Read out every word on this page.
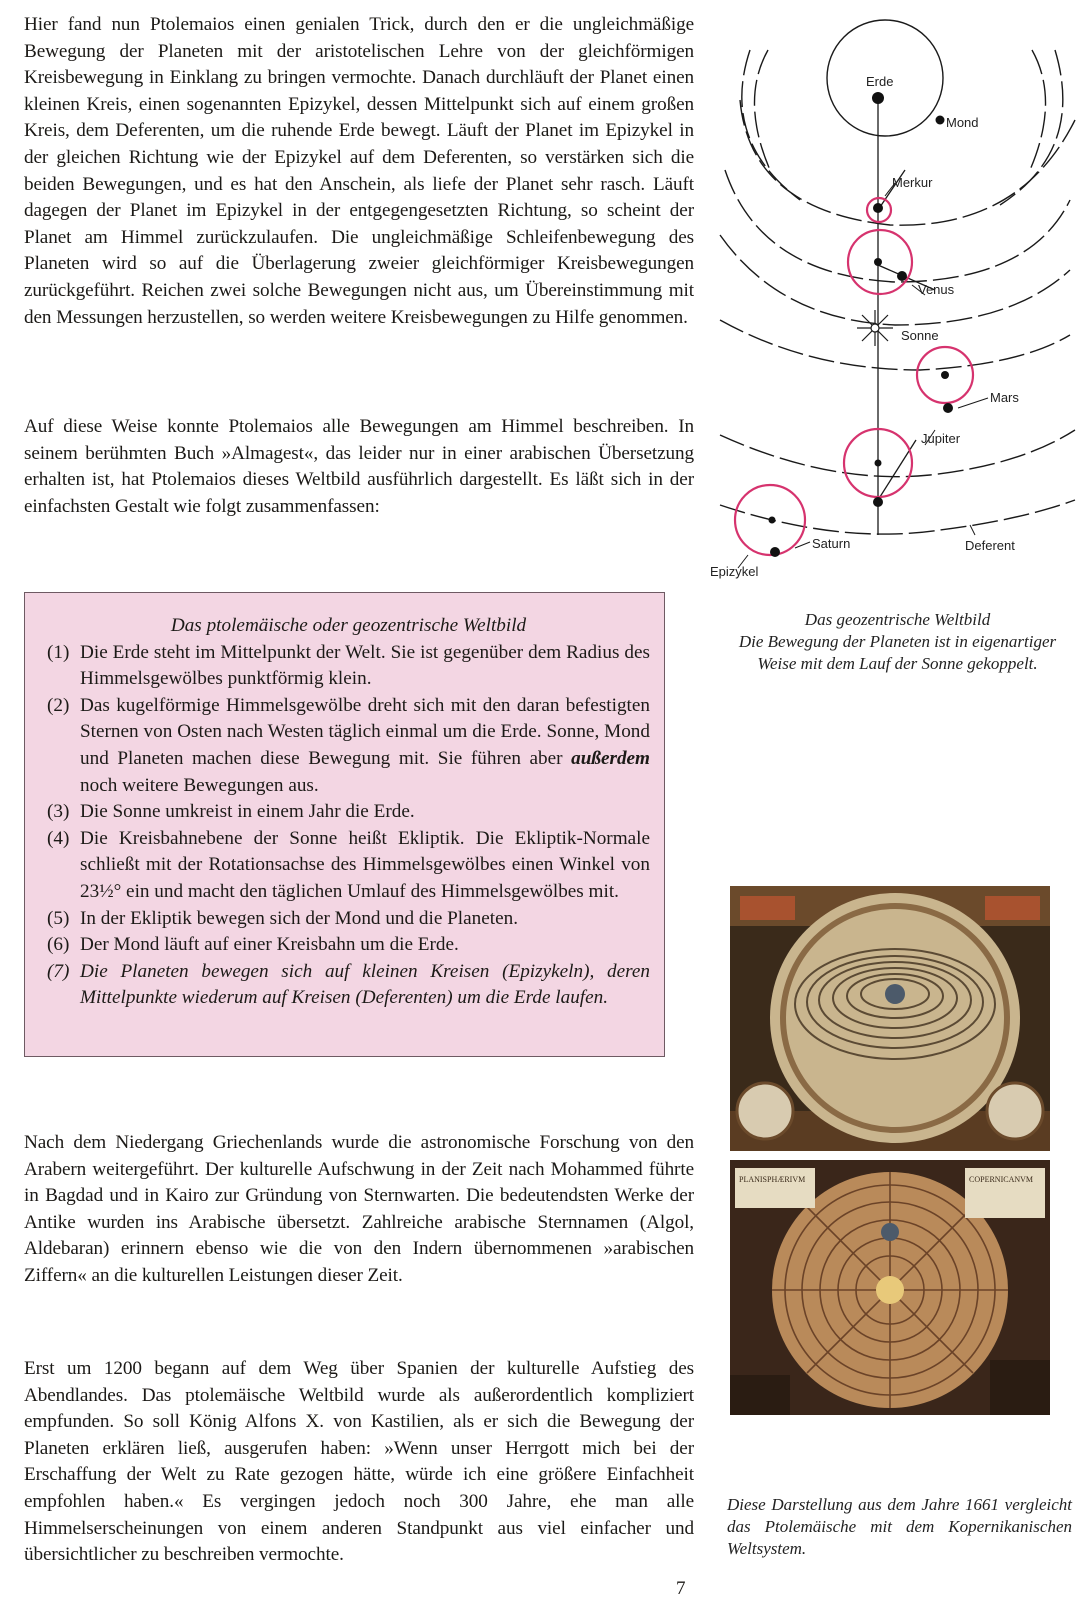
Hier fand nun Ptolemaios einen genialen Trick, durch den er die ungleichmäßige Bewegung der Planeten mit der aristotelischen Lehre von der gleichförmigen Kreisbewegung in Einklang zu bringen vermochte. Danach durchläuft der Planet einen kleinen Kreis, einen sogenannten Epizykel, dessen Mittelpunkt sich auf einem großen Kreis, dem Deferenten, um die ruhende Erde bewegt. Läuft der Planet im Epizykel in der gleichen Richtung wie der Epizykel auf dem Deferenten, so verstärken sich die beiden Bewegungen, und es hat den Anschein, als liefe der Planet sehr rasch. Läuft dagegen der Planet im Epizykel in der entgegengesetzten Richtung, so scheint der Planet am Himmel zurückzulaufen. Die ungleichmäßige Schleifenbewegung des Planeten wird so auf die Überlagerung zweier gleichförmiger Kreisbewegungen zurückgeführt. Reichen zwei solche Bewegungen nicht aus, um Übereinstimmung mit den Messungen herzustellen, so werden weitere Kreisbewegungen zu Hilfe genommen.

Auf diese Weise konnte Ptolemaios alle Bewegungen am Himmel beschreiben. In seinem berühmten Buch »Almagest«, das leider nur in einer arabischen Übersetzung erhalten ist, hat Ptolemaios dieses Weltbild ausführlich dargestellt. Es läßt sich in der einfachsten Gestalt wie folgt zusammenfassen:

Das ptolemäische oder geozentrische Weltbild

(1) Die Erde steht im Mittelpunkt der Welt. Sie ist gegenüber dem Radius des Himmelsgewölbes punktförmig klein.
(2) Das kugelförmige Himmelsgewölbe dreht sich mit den daran befestigten Sternen von Osten nach Westen täglich einmal um die Erde. Sonne, Mond und Planeten machen diese Bewegung mit. Sie führen aber außerdem noch weitere Bewegungen aus.
(3) Die Sonne umkreist in einem Jahr die Erde.
(4) Die Kreisbahnebene der Sonne heißt Ekliptik. Die Ekliptik-Normale schließt mit der Rotationsachse des Himmelsgewölbes einen Winkel von 23½° ein und macht den täglichen Umlauf des Himmelsgewölbes mit.
(5) In der Ekliptik bewegen sich der Mond und die Planeten.
(6) Der Mond läuft auf einer Kreisbahn um die Erde.
(7) Die Planeten bewegen sich auf kleinen Kreisen (Epizykeln), deren Mittelpunkte wiederum auf Kreisen (Deferenten) um die Erde laufen.

Nach dem Niedergang Griechenlands wurde die astronomische Forschung von den Arabern weitergeführt. Der kulturelle Aufschwung in der Zeit nach Mohammed führte in Bagdad und in Kairo zur Gründung von Sternwarten. Die bedeutendsten Werke der Antike wurden ins Arabische übersetzt. Zahlreiche arabische Sternnamen (Algol, Aldebaran) erinnern ebenso wie die von den Indern übernommenen »arabischen Ziffern« an die kulturellen Leistungen dieser Zeit.

Erst um 1200 begann auf dem Weg über Spanien der kulturelle Aufstieg des Abendlandes. Das ptolemäische Weltbild wurde als außerordentlich kompliziert empfunden. So soll König Alfons X. von Kastilien, als er sich die Bewegung der Planeten erklären ließ, ausgerufen haben: »Wenn unser Herrgott mich bei der Erschaffung der Welt zu Rate gezogen hätte, würde ich eine größere Einfachheit empfohlen haben.« Es vergingen jedoch noch 300 Jahre, ehe man alle Himmelserscheinungen von einem anderen Standpunkt aus viel einfacher und übersichtlicher zu beschreiben vermochte.

Erde
Mond
Merkur
Venus
Sonne
Mars
Jupiter
Saturn	Deferent
Epizykel

Das geozentrische Weltbild
Die Bewegung der Planeten ist in eigenartiger Weise mit dem Lauf der Sonne gekoppelt.

PLANISPHÆRIVM	COPERNICANVM

Diese Darstellung aus dem Jahre 1661 vergleicht das Ptolemäische mit dem Kopernikanischen Weltsystem.

7
